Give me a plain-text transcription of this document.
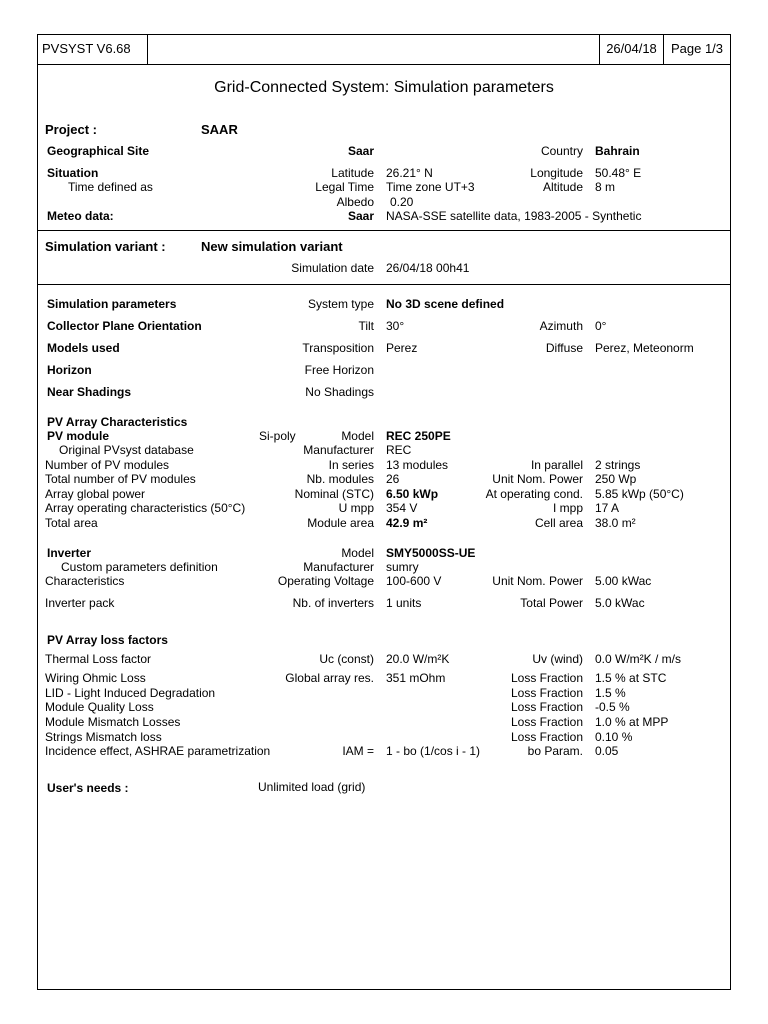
PVSYST V6.68	26/04/18	Page 1/3
Grid-Connected System: Simulation parameters
Project :	SAAR
Geographical Site	Saar	Country Bahrain
Situation	Latitude 26.21° N	Longitude 50.48° E
Time defined as	Legal Time Time zone UT+3	Altitude 8 m
Albedo 0.20
Meteo data:	Saar NASA-SSE satellite data, 1983-2005 - Synthetic
Simulation variant :	New simulation variant
Simulation date 26/04/18 00h41
Simulation parameters	System type No 3D scene defined
Collector Plane Orientation	Tilt 30°	Azimuth 0°
Models used	Transposition Perez	Diffuse Perez, Meteonorm
Horizon	Free Horizon
Near Shadings	No Shadings
PV Array Characteristics
PV module	Si-poly	Model REC 250PE
Original PVsyst database	Manufacturer REC
Number of PV modules	In series 13 modules	In parallel 2 strings
Total number of PV modules	Nb. modules 26	Unit Nom. Power 250 Wp
Array global power	Nominal (STC) 6.50 kWp	At operating cond. 5.85 kWp (50°C)
Array operating characteristics (50°C)	U mpp 354 V	I mpp 17 A
Total area	Module area 42.9 m²	Cell area 38.0 m²
Inverter	Model SMY5000SS-UE
Custom parameters definition	Manufacturer sumry
Characteristics	Operating Voltage 100-600 V	Unit Nom. Power 5.00 kWac
Inverter pack	Nb. of inverters 1 units	Total Power 5.0 kWac
PV Array loss factors
Thermal Loss factor	Uc (const) 20.0 W/m²K	Uv (wind) 0.0 W/m²K / m/s
Wiring Ohmic Loss	Global array res. 351 mOhm	Loss Fraction 1.5 % at STC
LID - Light Induced Degradation	Loss Fraction 1.5 %
Module Quality Loss	Loss Fraction -0.5 %
Module Mismatch Losses	Loss Fraction 1.0 % at MPP
Strings Mismatch loss	Loss Fraction 0.10 %
Incidence effect, ASHRAE parametrization	IAM = 1 - bo (1/cos i - 1)	bo Param. 0.05
User's needs :	Unlimited load (grid)
